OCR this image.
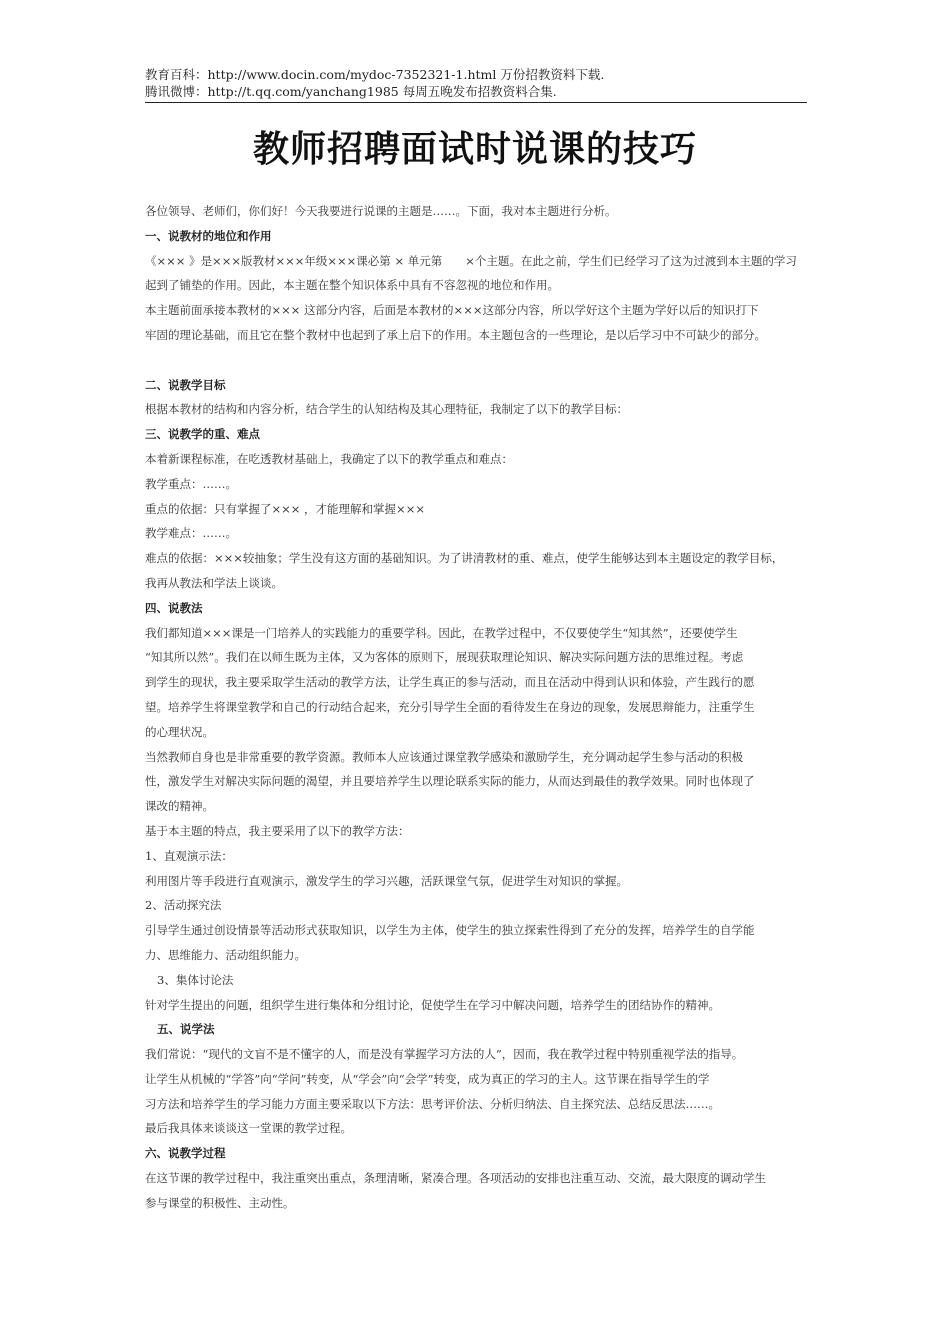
教育百科：http://www.docin.com/mydoc-7352321-1.html 万份招教资料下载.
腾讯微博：http://t.qq.com/yanchang1985 每周五晚发布招教资料合集.
教师招聘面试时说课的技巧
各位领导、老师们，你们好！今天我要进行说课的主题是……。下面，我对本主题进行分析。
一、说教材的地位和作用
《××× 》是×××版教材×××年级×××课必第 × 单元第　　×个主题。在此之前，学生们已经学习了这为过渡到本主题的学习
起到了铺垫的作用。因此，本主题在整个知识体系中具有不容忽视的地位和作用。
本主题前面承接本教材的××× 这部分内容，后面是本教材的×××这部分内容，所以学好这个主题为学好以后的知识打下
牢固的理论基础，而且它在整个教材中也起到了承上启下的作用。本主题包含的一些理论，是以后学习中不可缺少的部分。
二、说教学目标
根据本教材的结构和内容分析，结合学生的认知结构及其心理特征，我制定了以下的教学目标：
三、说教学的重、难点
本着新课程标准，在吃透教材基础上，我确定了以下的教学重点和难点：
教学重点：……。
重点的依据：只有掌握了××× ，才能理解和掌握×××
教学难点：……。
难点的依据：×××较抽象；学生没有这方面的基础知识。为了讲清教材的重、难点，使学生能够达到本主题设定的教学目标，
我再从教法和学法上谈谈。
四、说教法
我们都知道×××课是一门培养人的实践能力的重要学科。因此，在教学过程中，不仅要使学生“知其然”，还要使学生
“知其所以然”。我们在以师生既为主体，又为客体的原则下，展现获取理论知识、解决实际问题方法的思维过程。考虑
到学生的现状，我主要采取学生活动的教学方法，让学生真正的参与活动，而且在活动中得到认识和体验，产生践行的愿
望。培养学生将课堂教学和自己的行动结合起来，充分引导学生全面的看待发生在身边的现象，发展思辩能力，注重学生
的心理状况。
当然教师自身也是非常重要的教学资源。教师本人应该通过课堂教学感染和激励学生，充分调动起学生参与活动的积极
性，激发学生对解决实际问题的渴望，并且要培养学生以理论联系实际的能力，从而达到最佳的教学效果。同时也体现了
课改的精神。
基于本主题的特点，我主要采用了以下的教学方法：
1、直观演示法：
利用图片等手段进行直观演示，激发学生的学习兴趣，活跃课堂气氛，促进学生对知识的掌握。
2、活动探究法
引导学生通过创设情景等活动形式获取知识，以学生为主体，使学生的独立探索性得到了充分的发挥，培养学生的自学能
力、思维能力、活动组织能力。
3、集体讨论法
针对学生提出的问题，组织学生进行集体和分组讨论，促使学生在学习中解决问题，培养学生的团结协作的精神。
五、说学法
我们常说：“现代的文盲不是不懂字的人，而是没有掌握学习方法的人”，因而，我在教学过程中特别重视学法的指导。
让学生从机械的“学答”向“学问”转变，从“学会”向“会学”转变，成为真正的学习的主人。这节课在指导学生的学
习方法和培养学生的学习能力方面主要采取以下方法：思考评价法、分析归纳法、自主探究法、总结反思法……。
最后我具体来谈谈这一堂课的教学过程。
六、说教学过程
在这节课的教学过程中，我注重突出重点，条理清晰，紧凑合理。各项活动的安排也注重互动、交流，最大限度的调动学生
参与课堂的积极性、主动性。
